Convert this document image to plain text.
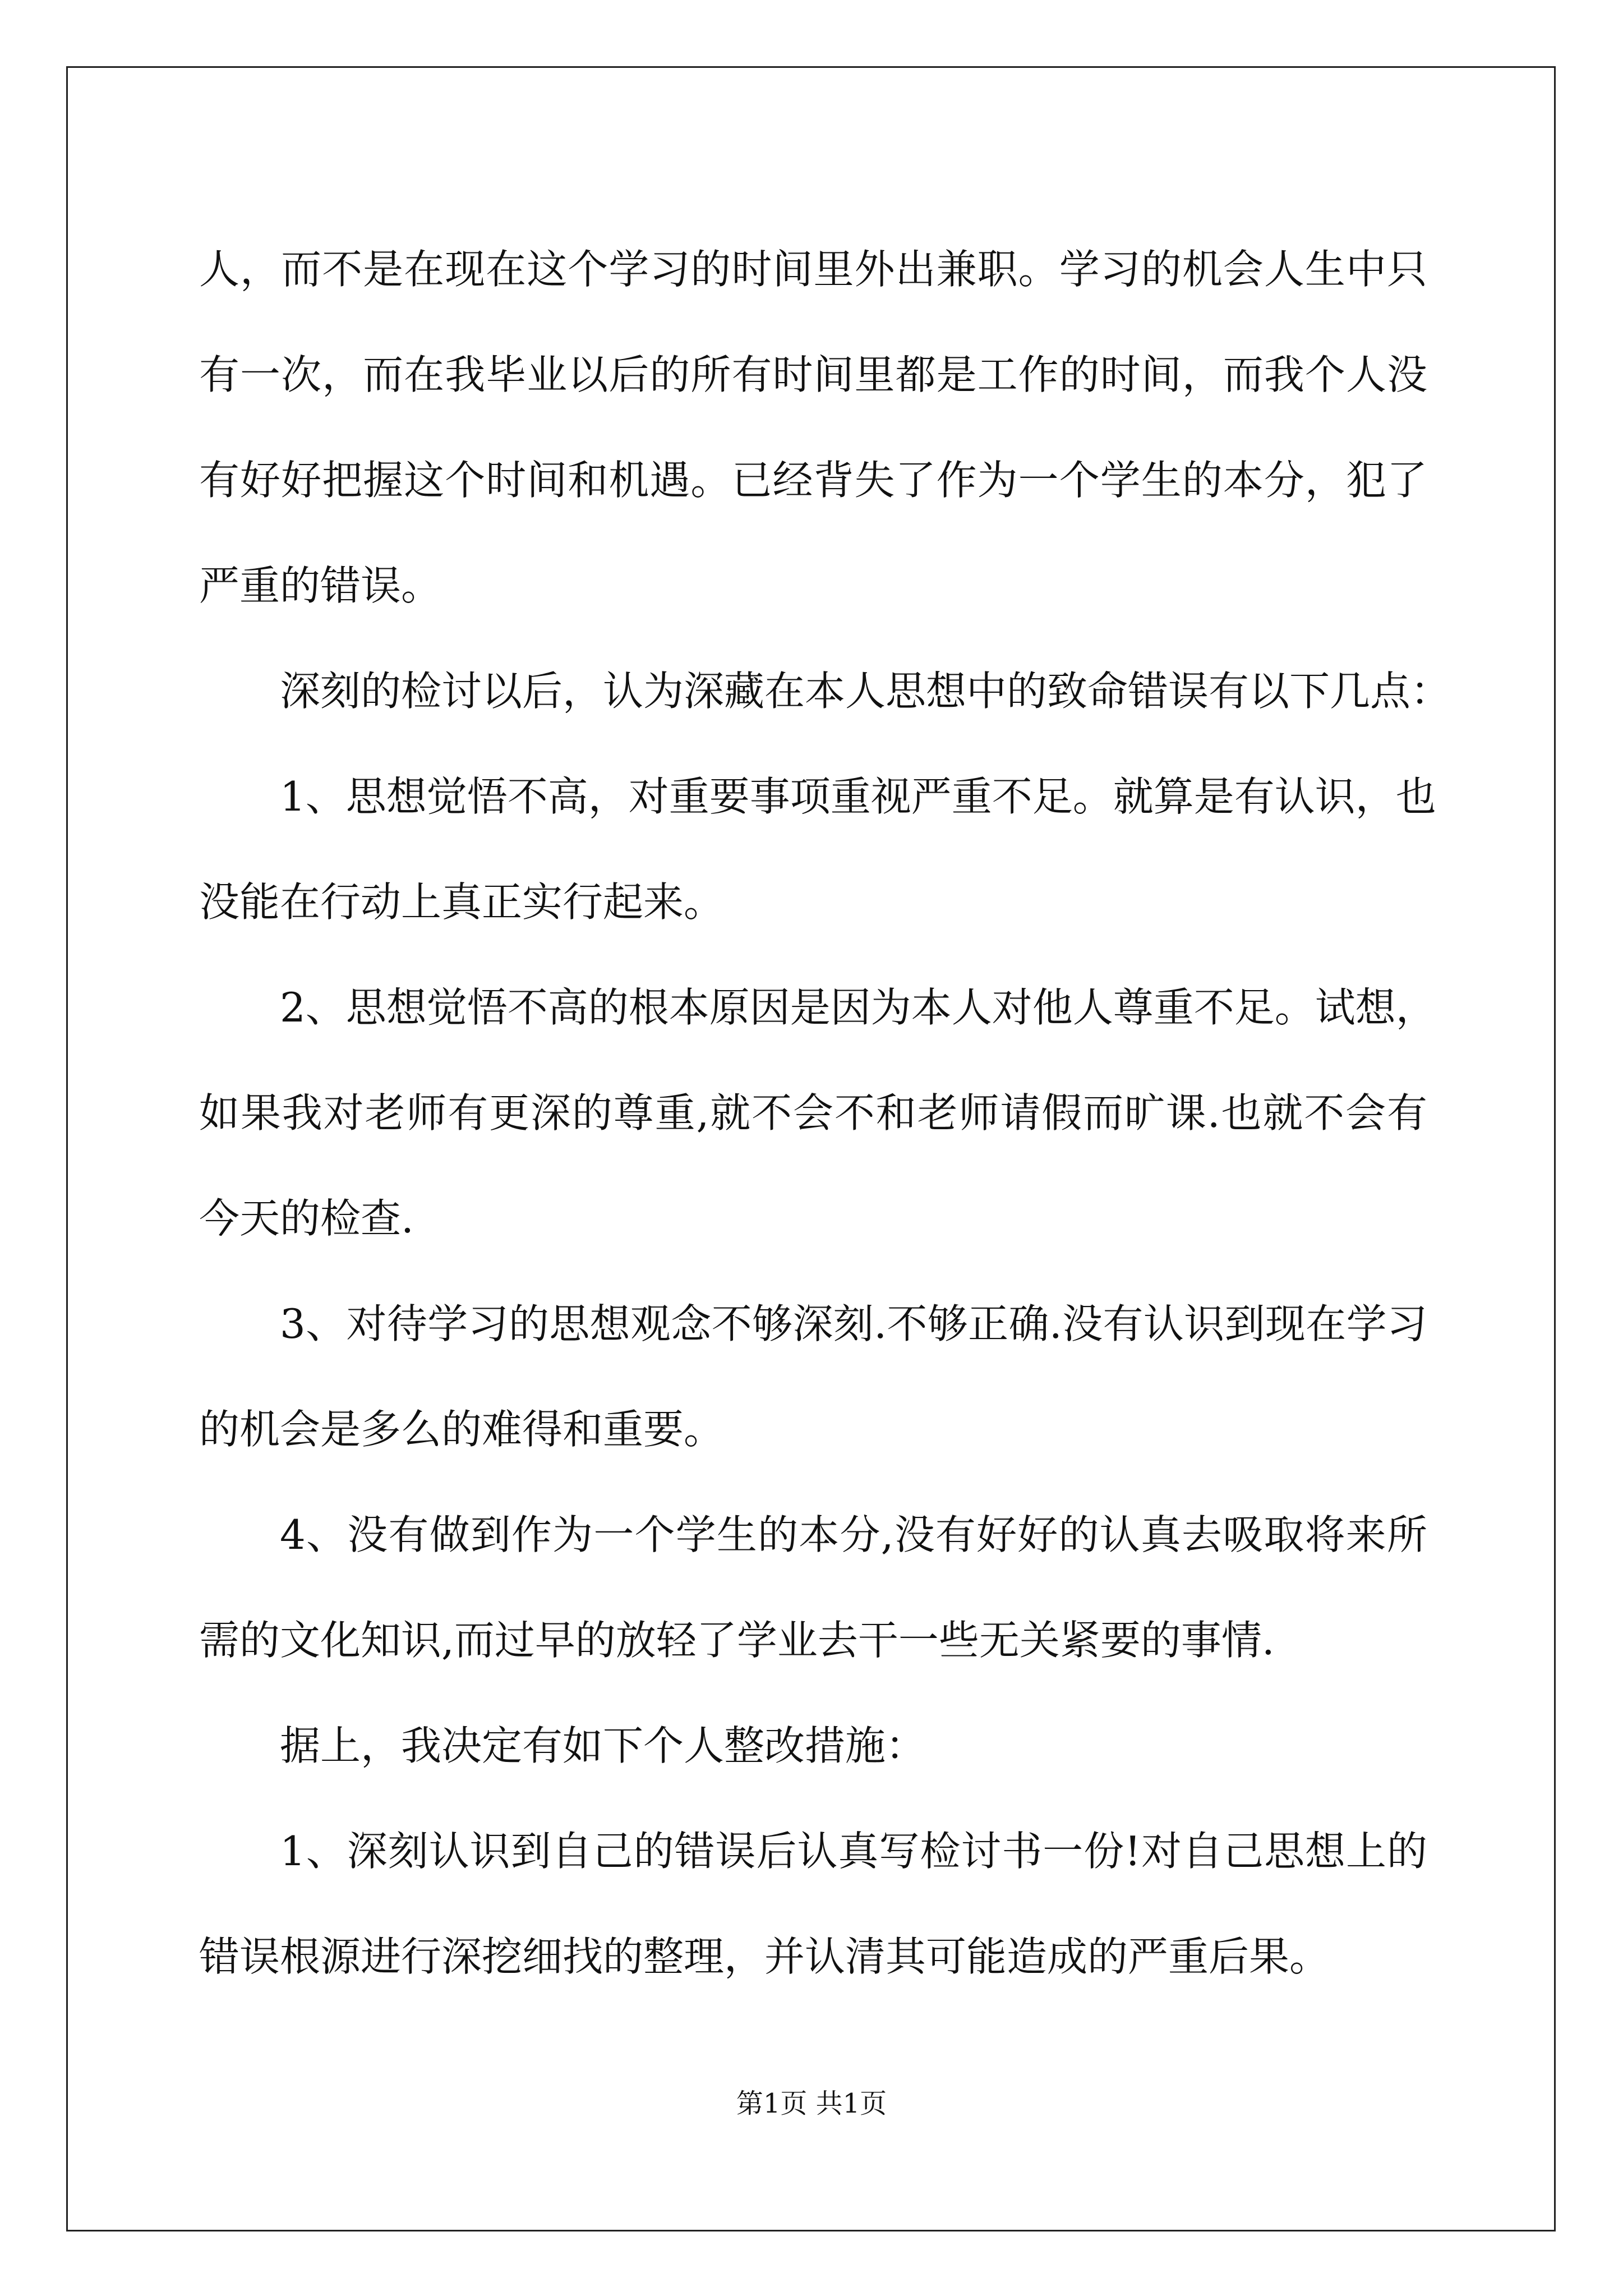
人，而不是在现在这个学习的时间里外出兼职。学习的机会人生中只
有一次，而在我毕业以后的所有时间里都是工作的时间，而我个人没
有好好把握这个时间和机遇。已经背失了作为一个学生的本分，犯了
严重的错误。
深刻的检讨以后，认为深藏在本人思想中的致命错误有以下几点：
1、思想觉悟不高，对重要事项重视严重不足。就算是有认识，也
没能在行动上真正实行起来。
2、思想觉悟不高的根本原因是因为本人对他人尊重不足。试想，
如果我对老师有更深的尊重,就不会不和老师请假而旷课.也就不会有
今天的检查.
3、对待学习的思想观念不够深刻.不够正确.没有认识到现在学习
的机会是多么的难得和重要。
4、没有做到作为一个学生的本分,没有好好的认真去吸取将来所
需的文化知识,而过早的放轻了学业去干一些无关紧要的事情.
据上，我决定有如下个人整改措施：
1、深刻认识到自己的错误后认真写检讨书一份!对自己思想上的
错误根源进行深挖细找的整理，并认清其可能造成的严重后果。
第1页 共1页
